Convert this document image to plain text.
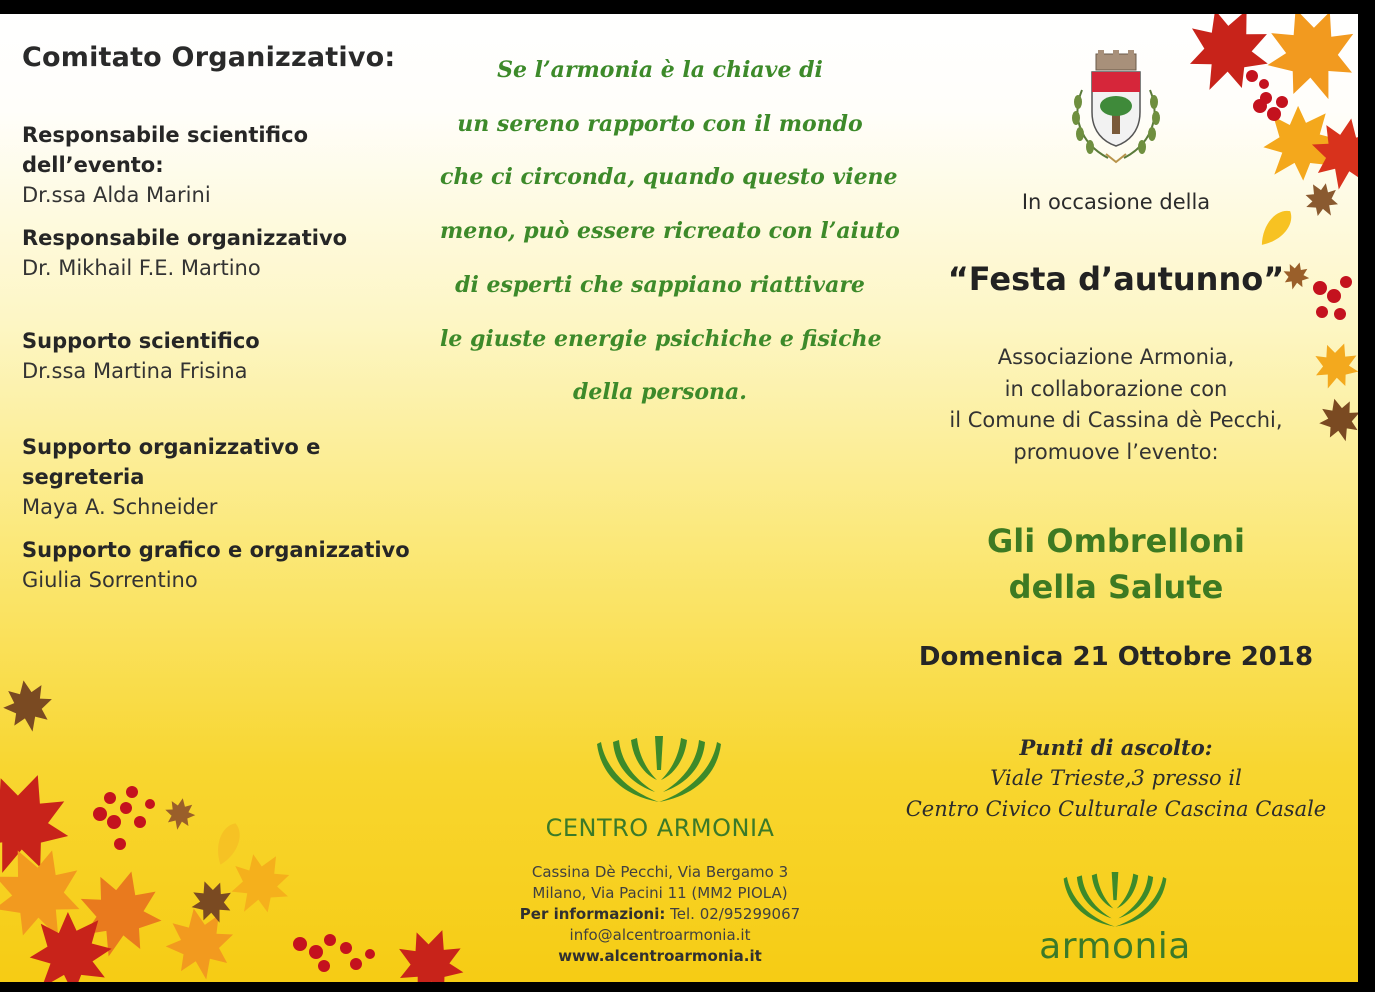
Comitato Organizzativo:
Responsabile scientifico dell’evento:
Dr.ssa Alda Marini
Responsabile organizzativo
Dr. Mikhail F.E. Martino
Supporto scientifico
Dr.ssa Martina Frisina
Supporto organizzativo e segreteria
Maya A. Schneider
Supporto grafico e organizzativo
Giulia Sorrentino
Se l’armonia è la chiave di
un sereno rapporto con il mondo
che ci circonda, quando questo viene
meno, può essere ricreato con l’aiuto
di esperti che sappiano riattivare
le giuste energie psichiche e fisiche
della persona.
CENTRO ARMONIA
Cassina Dè Pecchi, Via Bergamo 3
Milano, Via Pacini 11 (MM2 PIOLA)
Per informazioni: Tel. 02/95299067
info@alcentroarmonia.it
www.alcentroarmonia.it
In occasione della
“Festa d’autunno”
Associazione Armonia,
in collaborazione con
il Comune di Cassina dè Pecchi,
promuove l’evento:
Gli Ombrelloni
della Salute
Domenica 21 Ottobre 2018
Punti di ascolto:
Viale Trieste,3 presso il
Centro Civico Culturale Cascina Casale
armonia
